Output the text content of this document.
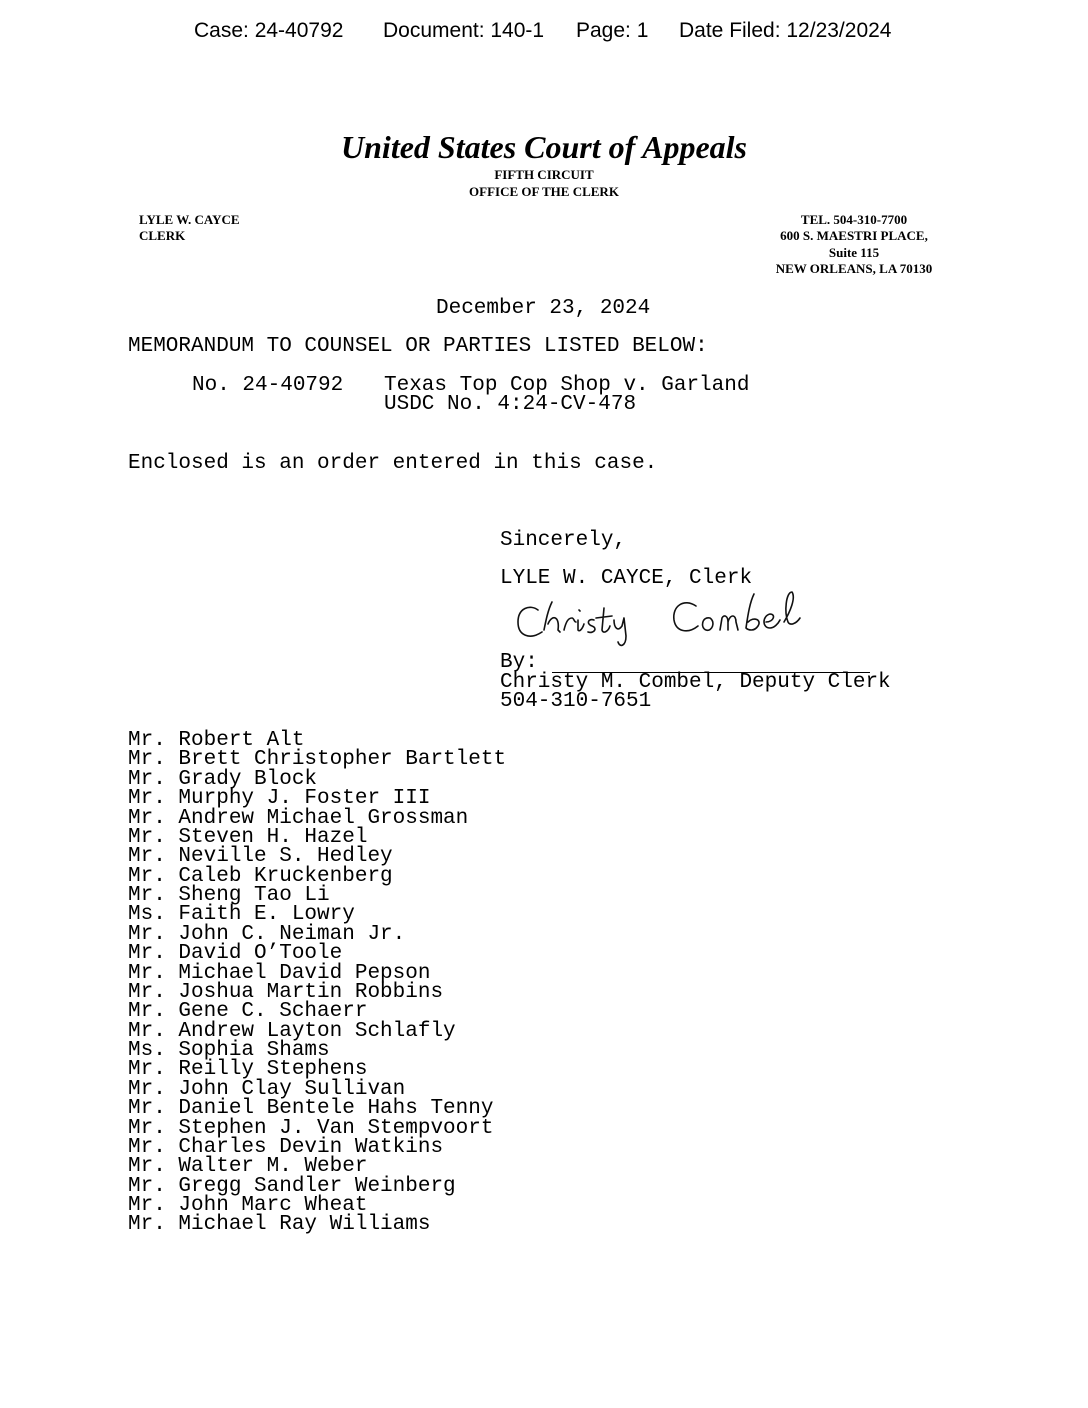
Case: 24-40792 Document: 140-1 Page: 1 Date Filed: 12/23/2024
United States Court of Appeals
FIFTH CIRCUIT
OFFICE OF THE CLERK
LYLE W. CAYCE
CLERK
TEL. 504-310-7700
600 S. MAESTRI PLACE,
Suite 115
NEW ORLEANS, LA 70130
December 23, 2024
MEMORANDUM TO COUNSEL OR PARTIES LISTED BELOW:
No. 24-40792 Texas Top Cop Shop v. Garland
USDC No. 4:24-CV-478
Enclosed is an order entered in this case.
Sincerely,
LYLE W. CAYCE, Clerk
By:
Christy M. Combel, Deputy Clerk
504-310-7651
Mr. Robert Alt
Mr. Brett Christopher Bartlett
Mr. Grady Block
Mr. Murphy J. Foster III
Mr. Andrew Michael Grossman
Mr. Steven H. Hazel
Mr. Neville S. Hedley
Mr. Caleb Kruckenberg
Mr. Sheng Tao Li
Ms. Faith E. Lowry
Mr. John C. Neiman Jr.
Mr. David O’Toole
Mr. Michael David Pepson
Mr. Joshua Martin Robbins
Mr. Gene C. Schaerr
Mr. Andrew Layton Schlafly
Ms. Sophia Shams
Mr. Reilly Stephens
Mr. John Clay Sullivan
Mr. Daniel Bentele Hahs Tenny
Mr. Stephen J. Van Stempvoort
Mr. Charles Devin Watkins
Mr. Walter M. Weber
Mr. Gregg Sandler Weinberg
Mr. John Marc Wheat
Mr. Michael Ray Williams
